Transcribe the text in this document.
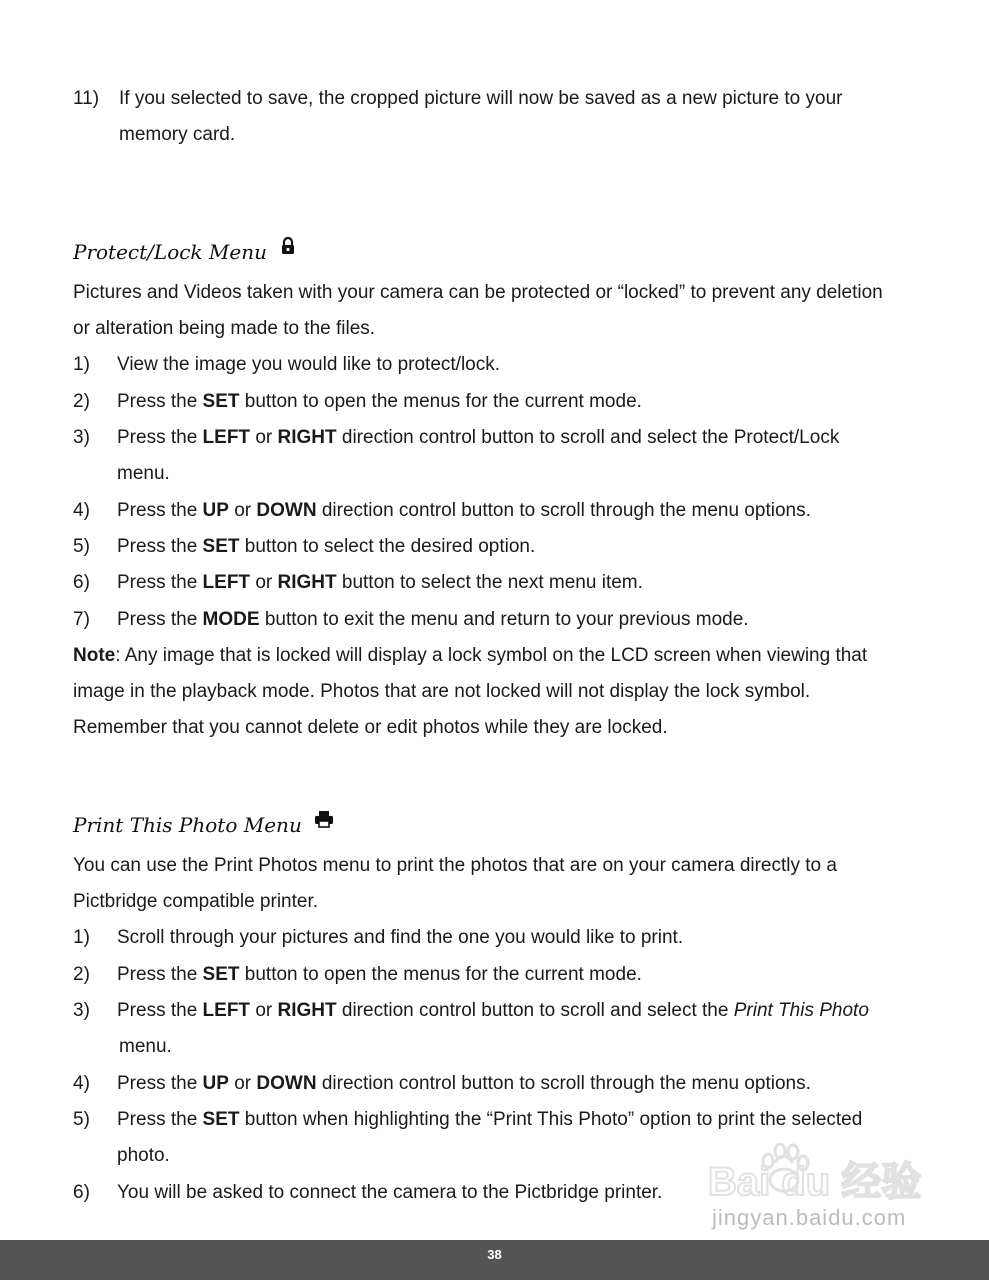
11) If you selected to save, the cropped picture will now be saved as a new picture to your
memory card.
Protect/Lock Menu
Pictures and Videos taken with your camera can be protected or “locked” to prevent any deletion
or alteration being made to the files.
1) View the image you would like to protect/lock.
2) Press the SET button to open the menus for the current mode.
3) Press the LEFT or RIGHT direction control button to scroll and select the Protect/Lock
menu.
4) Press the UP or DOWN direction control button to scroll through the menu options.
5) Press the SET button to select the desired option.
6) Press the LEFT or RIGHT button to select the next menu item.
7) Press the MODE button to exit the menu and return to your previous mode.
Note: Any image that is locked will display a lock symbol on the LCD screen when viewing that
image in the playback mode. Photos that are not locked will not display the lock symbol.
Remember that you cannot delete or edit photos while they are locked.
Print This Photo Menu
You can use the Print Photos menu to print the photos that are on your camera directly to a
Pictbridge compatible printer.
1) Scroll through your pictures and find the one you would like to print.
2) Press the SET button to open the menus for the current mode.
3) Press the LEFT or RIGHT direction control button to scroll and select the Print This Photo
menu.
4) Press the UP or DOWN direction control button to scroll through the menu options.
5) Press the SET button when highlighting the “Print This Photo” option to print the selected
photo.
6) You will be asked to connect the camera to the Pictbridge printer. Bai du 经验
jingyan.baidu.com
38
